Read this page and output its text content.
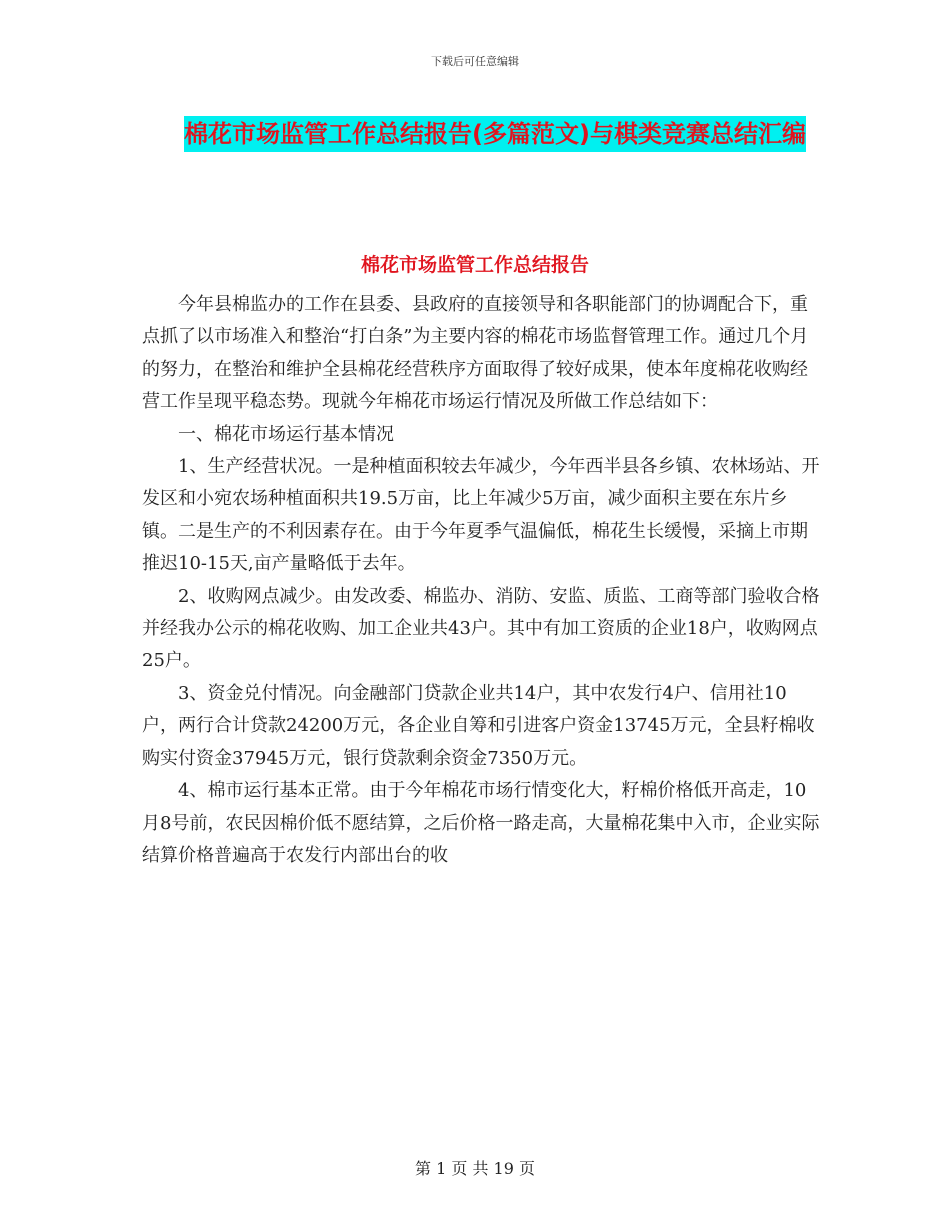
下载后可任意编辑
棉花市场监管工作总结报告(多篇范文)与棋类竞赛总结汇编
棉花市场监管工作总结报告

今年县棉监办的工作在县委、县政府的直接领导和各职能部门的协调配合下，重点抓了以市场准入和整治“打白条”为主要内容的棉花市场监督管理工作。通过几个月的努力，在整治和维护全县棉花经营秩序方面取得了较好成果，使本年度棉花收购经营工作呈现平稳态势。现就今年棉花市场运行情况及所做工作总结如下：

一、棉花市场运行基本情况

1、生产经营状况。一是种植面积较去年减少，今年西半县各乡镇、农林场站、开发区和小宛农场种植面积共19.5万亩，比上年减少5万亩，减少面积主要在东片乡镇。二是生产的不利因素存在。由于今年夏季气温偏低，棉花生长缓慢，采摘上市期推迟10-15天,亩产量略低于去年。

2、收购网点减少。由发改委、棉监办、消防、安监、质监、工商等部门验收合格并经我办公示的棉花收购、加工企业共43户。其中有加工资质的企业18户，收购网点25户。

3、资金兑付情况。向金融部门贷款企业共14户，其中农发行4户、信用社10户，两行合计贷款24200万元，各企业自筹和引进客户资金13745万元，全县籽棉收购实付资金37945万元，银行贷款剩余资金7350万元。

4、棉市运行基本正常。由于今年棉花市场行情变化大，籽棉价格低开高走，10月8号前，农民因棉价低不愿结算，之后价格一路走高，大量棉花集中入市，企业实际结算价格普遍高于农发行内部出台的收

第 1 页 共 19 页
